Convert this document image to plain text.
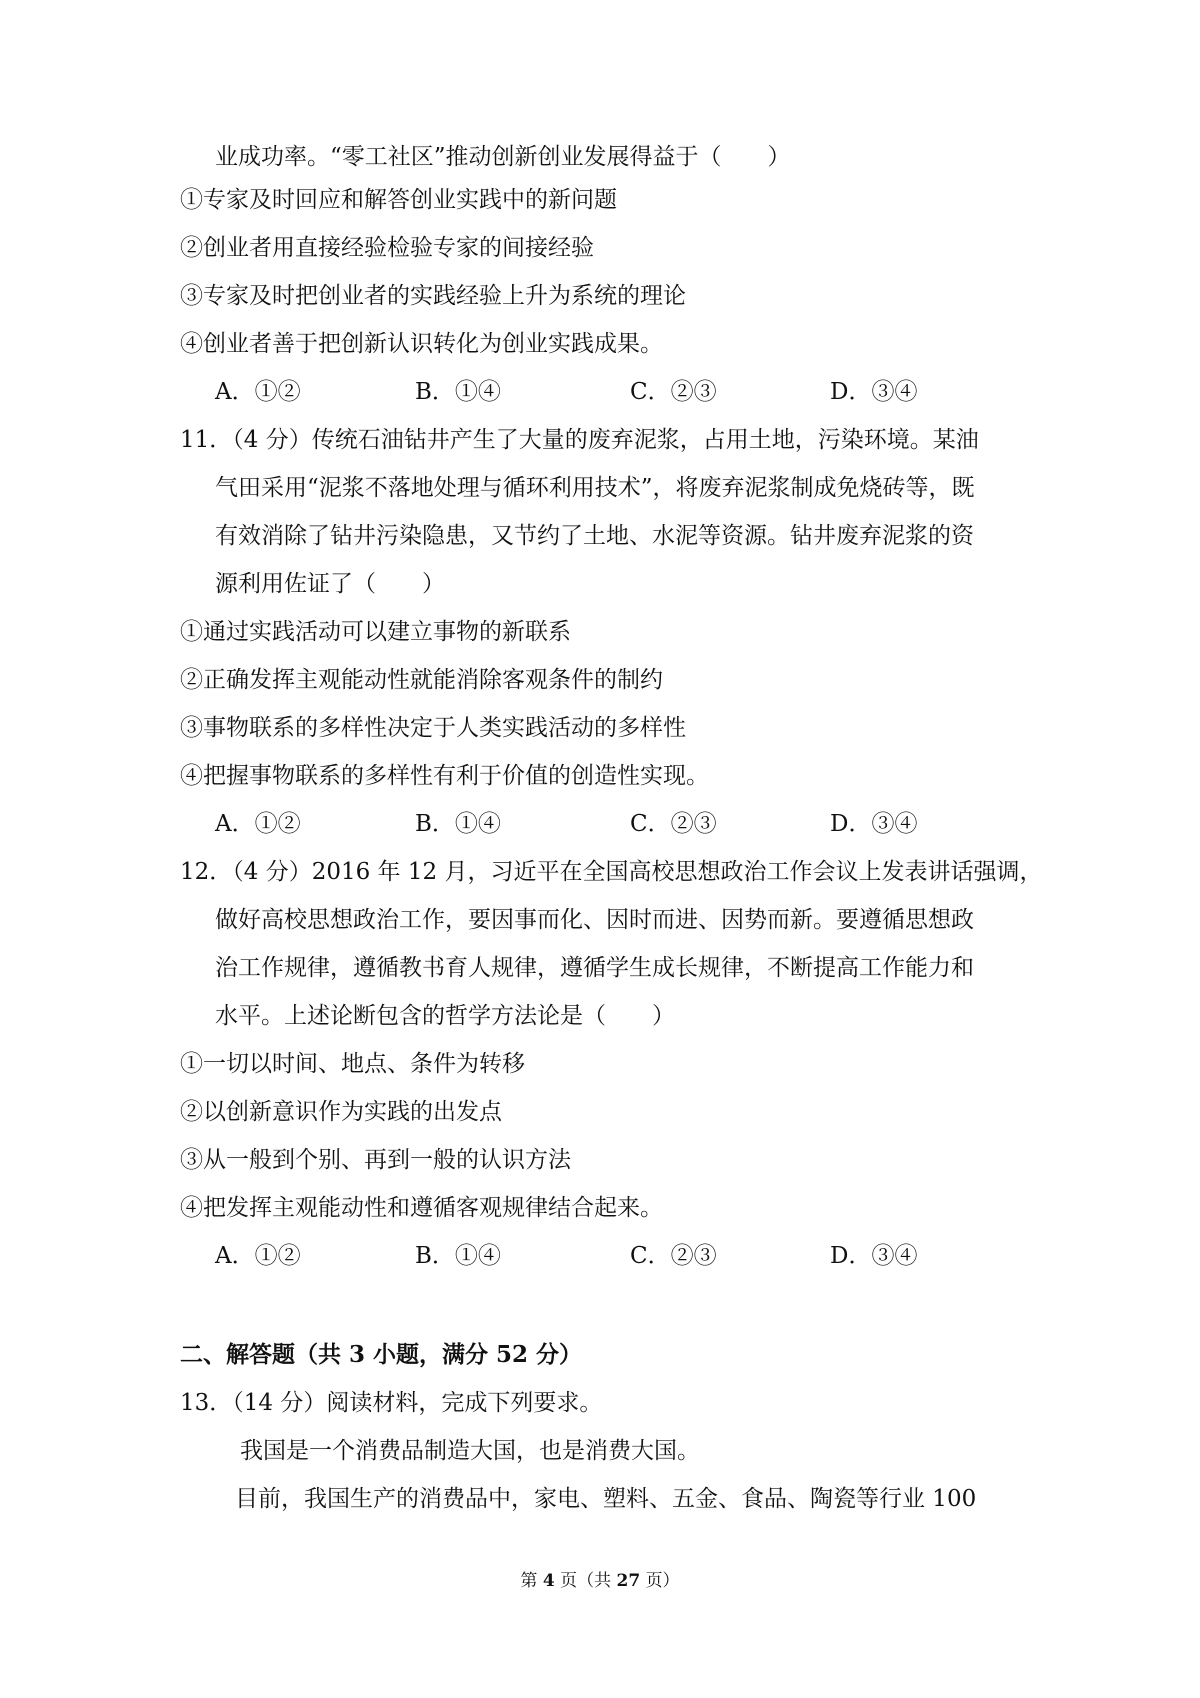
业成功率。“零工社区”推动创新创业发展得益于（　　）
①专家及时回应和解答创业实践中的新问题
②创业者用直接经验检验专家的间接经验
③专家及时把创业者的实践经验上升为系统的理论
④创业者善于把创新认识转化为创业实践成果。
A．①②	B．①④	C．②③	D．③④
11．（4 分）传统石油钻井产生了大量的废弃泥浆，占用土地，污染环境。某油
气田采用“泥浆不落地处理与循环利用技术”，将废弃泥浆制成免烧砖等，既
有效消除了钻井污染隐患，又节约了土地、水泥等资源。钻井废弃泥浆的资
源利用佐证了（　　）
①通过实践活动可以建立事物的新联系
②正确发挥主观能动性就能消除客观条件的制约
③事物联系的多样性决定于人类实践活动的多样性
④把握事物联系的多样性有利于价值的创造性实现。
A．①②	B．①④	C．②③	D．③④
12．（4 分）2016 年 12 月，习近平在全国高校思想政治工作会议上发表讲话强调，
做好高校思想政治工作，要因事而化、因时而进、因势而新。要遵循思想政
治工作规律，遵循教书育人规律，遵循学生成长规律，不断提高工作能力和
水平。上述论断包含的哲学方法论是（　　）
①一切以时间、地点、条件为转移
②以创新意识作为实践的出发点
③从一般到个别、再到一般的认识方法
④把发挥主观能动性和遵循客观规律结合起来。
A．①②	B．①④	C．②③	D．③④
二、解答题（共 3 小题，满分 52 分）
13．（14 分）阅读材料，完成下列要求。
我国是一个消费品制造大国，也是消费大国。
目前，我国生产的消费品中，家电、塑料、五金、食品、陶瓷等行业 100
第 4 页（共 27 页）
